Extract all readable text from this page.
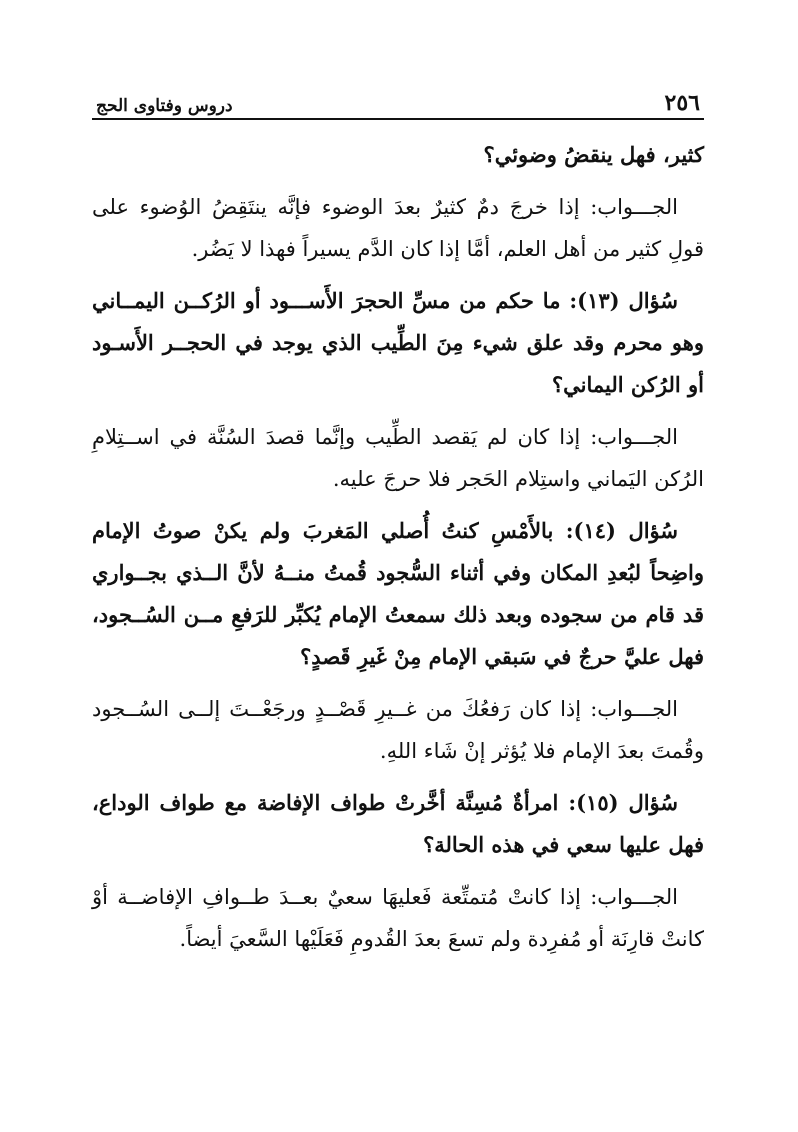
٢٥٦
دروس وفتاوى الحج

كثير، فهل ينقضُ وضوئي؟

الجـــواب: إذا خرجَ دمٌ كثيرٌ بعدَ الوضوء فإنَّه ينتَقِضُ الوُضوء على قولِ كثير من أهل العلم، أمَّا إذا كان الدَّم يسيراً فهذا لا يَضُر.

سُؤال (١٣): ما حكم من مسِّ الحجرَ الأَســـود أو الرُكــن اليمــاني وهو محرم وقد علق شيء مِنَ الطِّيب الذي يوجد في الحجــر الأَسـود أو الرُكن اليماني؟

الجـــواب: إذا كان لم يَقصد الطِّيب وإنَّما قصدَ السُنَّة في اســتِلامِ الرُكن اليَماني واستِلام الحَجر فلا حرجَ عليه.

سُؤال (١٤): بالأَمْسِ كنتُ أُصلي المَغربَ ولم يكنْ صوتُ الإمام واضِحاً لبُعدِ المكان وفي أثناء السُّجود قُمتُ منــهُ لأنَّ الــذي بجــواري قد قام من سجوده وبعد ذلك سمعتُ الإمام يُكبِّر للرَفعِ مــن السُــجود، فهل عليَّ حرجٌ في سَبقي الإمام مِنْ غَيرِ قَصدٍ؟

الجـــواب: إذا كان رَفعُكَ من غــيرِ قَصْــدٍ ورجَعْــتَ إلــى السُــجود وقُمتَ بعدَ الإمام فلا يُؤثر إنْ شَاء اللهِ.

سُؤال (١٥): امرأةٌ مُسِنَّة أخَّرتْ طواف الإفاضة مع طواف الوداع، فهل عليها سعي في هذه الحالة؟

الجـــواب: إذا كانتْ مُتمتِّعة فَعليهَا سعيٌ بعــدَ طــوافِ الإفاضــة أوْ كانتْ قارِنَة أو مُفرِدة ولم تسعَ بعدَ القُدومِ فَعَلَيْها السَّعيَ أيضاً.
